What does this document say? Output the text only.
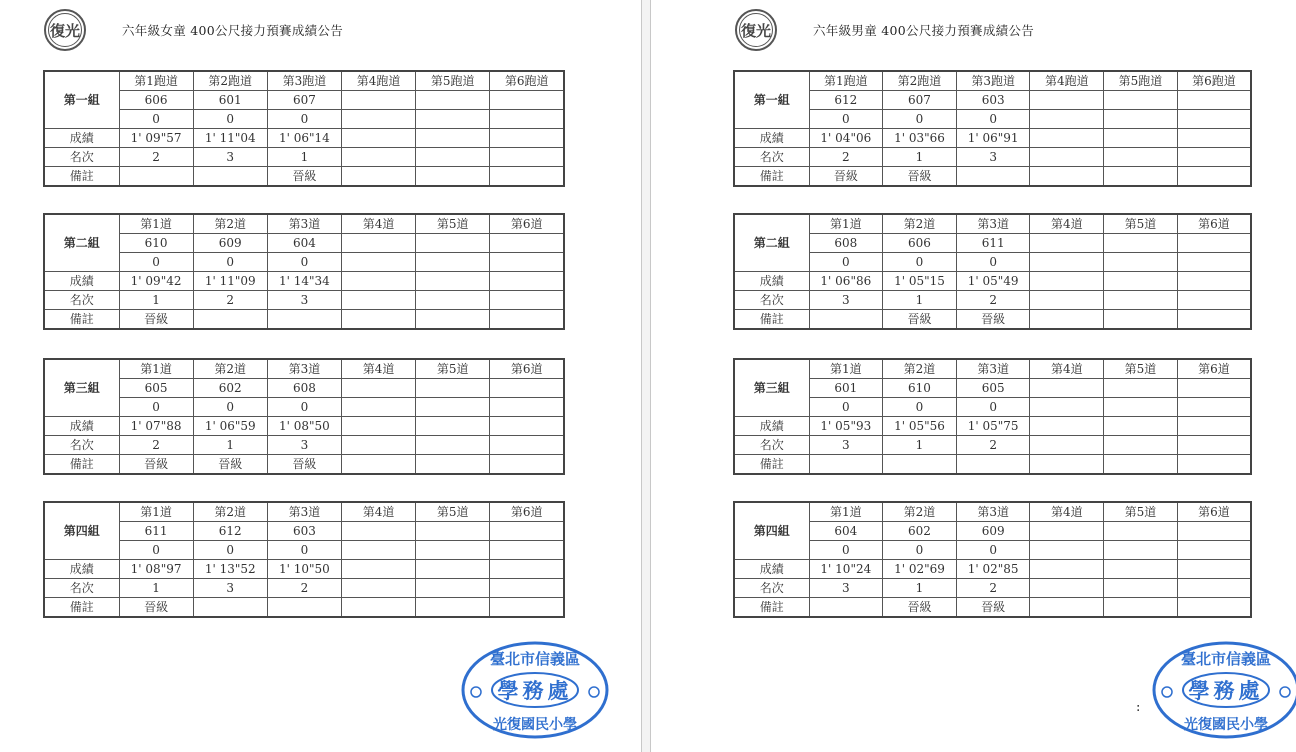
復光	六年級女童 400公尺接力預賽成績公告
第一組	第1跑道	第2跑道	第3跑道	第4跑道	第5跑道	第6跑道
	606	601	607			
	0	0	0			
成績	1' 09"57	1' 11"04	1' 06"14			
名次	2	3	1			
備註			晉級			
第二組	第1道	第2道	第3道	第4道	第5道	第6道
	610	609	604			
	0	0	0			
成績	1' 09"42	1' 11"09	1' 14"34			
名次	1	2	3			
備註	晉級					
第三組	第1道	第2道	第3道	第4道	第5道	第6道
	605	602	608			
	0	0	0			
成績	1' 07"88	1' 06"59	1' 08"50			
名次	2	1	3			
備註	晉級	晉級	晉級			
第四組	第1道	第2道	第3道	第4道	第5道	第6道
	611	612	603			
	0	0	0			
成績	1' 08"97	1' 13"52	1' 10"50			
名次	1	3	2			
備註	晉級					
臺北市信義區
學務處
光復國民小學
復光	六年級男童 400公尺接力預賽成績公告
:
臺北市信義區
學務處
光復國民小學
第一組	第1跑道	第2跑道	第3跑道	第4跑道	第5跑道	第6跑道
	612	607	603			
	0	0	0			
成績	1' 04"06	1' 03"66	1' 06"91			
名次	2	1	3			
備註	晉級	晉級				
第二組	第1道	第2道	第3道	第4道	第5道	第6道
	608	606	611			
	0	0	0			
成績	1' 06"86	1' 05"15	1' 05"49			
名次	3	1	2			
備註		晉級	晉級			
第三組	第1道	第2道	第3道	第4道	第5道	第6道
	601	610	605			
	0	0	0			
成績	1' 05"93	1' 05"56	1' 05"75			
名次	3	1	2			
備註						
第四組	第1道	第2道	第3道	第4道	第5道	第6道
	604	602	609			
	0	0	0			
成績	1' 10"24	1' 02"69	1' 02"85			
名次	3	1	2			
備註		晉級	晉級			
